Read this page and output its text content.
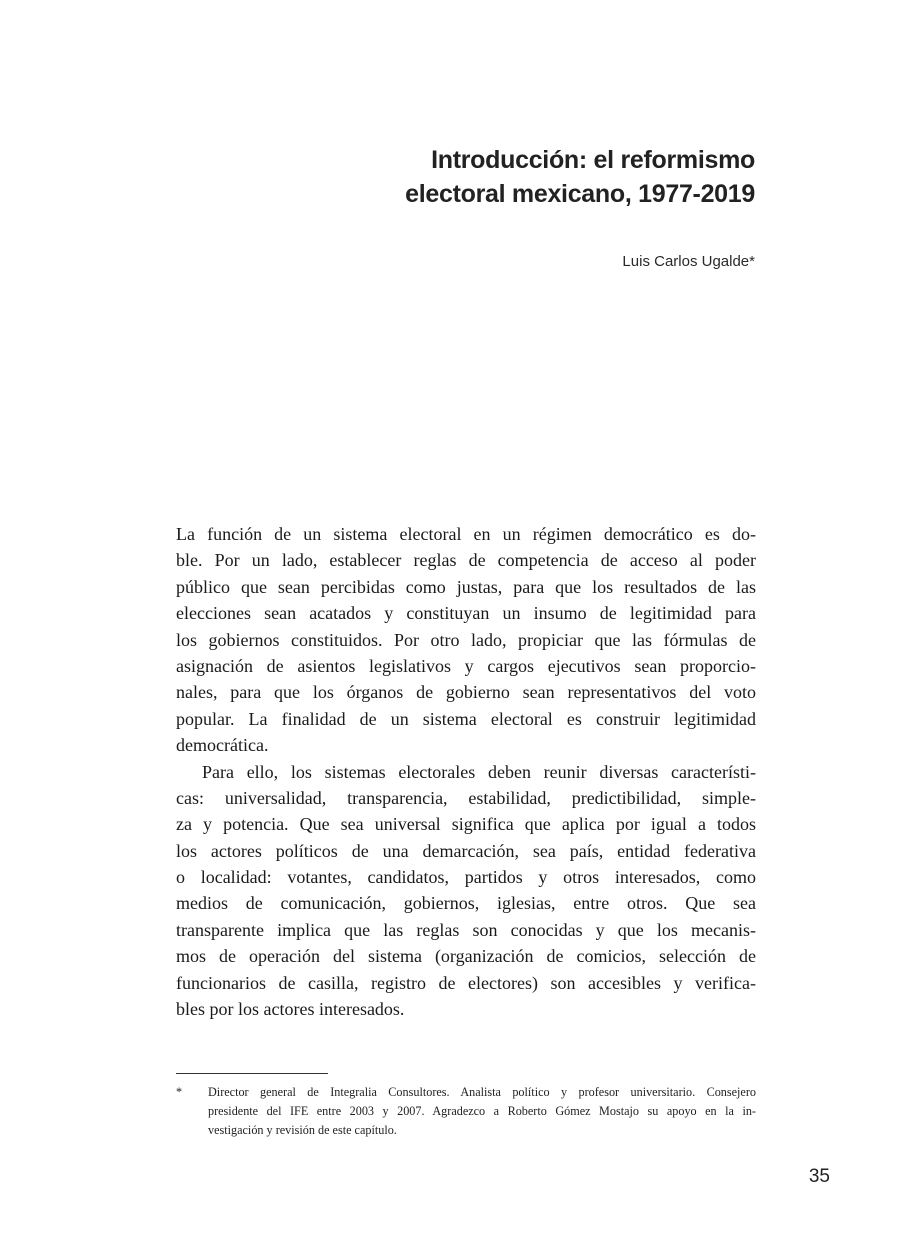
Introducción: el reformismo
electoral mexicano, 1977-2019
Luis Carlos Ugalde*
La función de un sistema electoral en un régimen democrático es do-
ble. Por un lado, establecer reglas de competencia de acceso al poder
público que sean percibidas como justas, para que los resultados de las
elecciones sean acatados y constituyan un insumo de legitimidad para
los gobiernos constituidos. Por otro lado, propiciar que las fórmulas de
asignación de asientos legislativos y cargos ejecutivos sean proporcio-
nales, para que los órganos de gobierno sean representativos del voto
popular. La finalidad de un sistema electoral es construir legitimidad
democrática.
Para ello, los sistemas electorales deben reunir diversas característi-
cas: universalidad, transparencia, estabilidad, predictibilidad, simple-
za y potencia. Que sea universal significa que aplica por igual a todos
los actores políticos de una demarcación, sea país, entidad federativa
o localidad: votantes, candidatos, partidos y otros interesados, como
medios de comunicación, gobiernos, iglesias, entre otros. Que sea
transparente implica que las reglas son conocidas y que los mecanis-
mos de operación del sistema (organización de comicios, selección de
funcionarios de casilla, registro de electores) son accesibles y verifica-
bles por los actores interesados.
* Director general de Integralia Consultores. Analista político y profesor universitario. Consejero
presidente del IFE entre 2003 y 2007. Agradezco a Roberto Gómez Mostajo su apoyo en la in-
vestigación y revisión de este capítulo.
35
